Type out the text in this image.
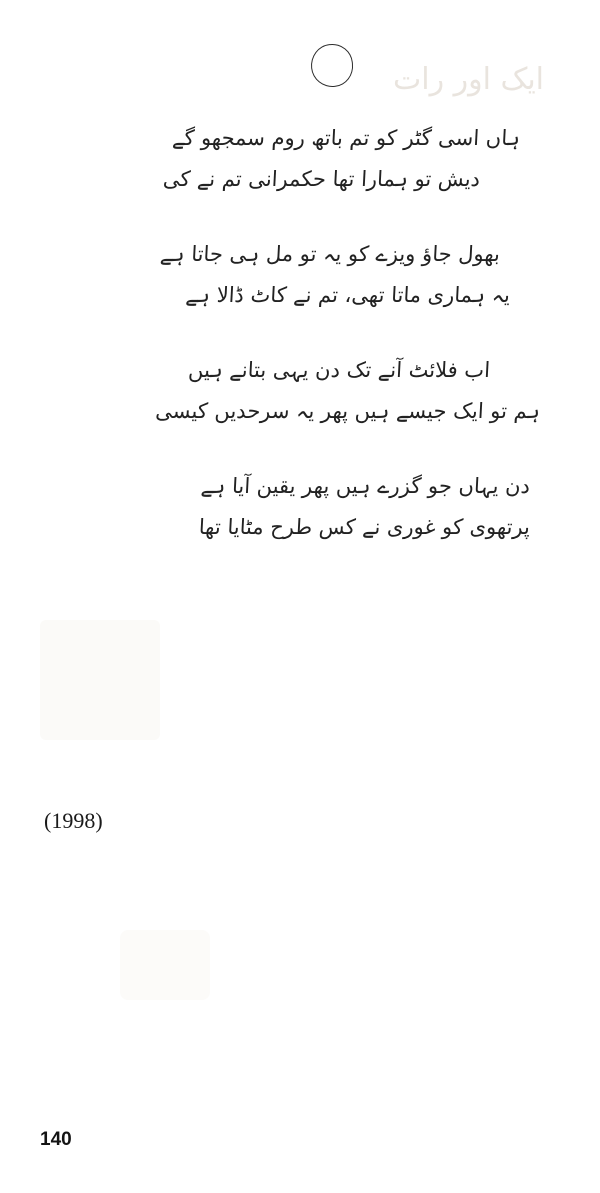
ایک اور رات
ہاں اسی گٹر کو تم باتھ روم سمجھو گے
دیش تو ہمارا تھا حکمرانی تم نے کی
بھول جاؤ ویزے کو یہ تو مل ہی جاتا ہے
یہ ہماری ماتا تھی، تم نے کاٹ ڈالا ہے
اب فلائٹ آنے تک دن یہی بتانے ہیں
ہم تو ایک جیسے ہیں پھر یہ سرحدیں کیسی
دن یہاں جو گزرے ہیں پھر یقین آیا ہے
پرتھوی کو غوری نے کس طرح مٹایا تھا
(1998)
140
